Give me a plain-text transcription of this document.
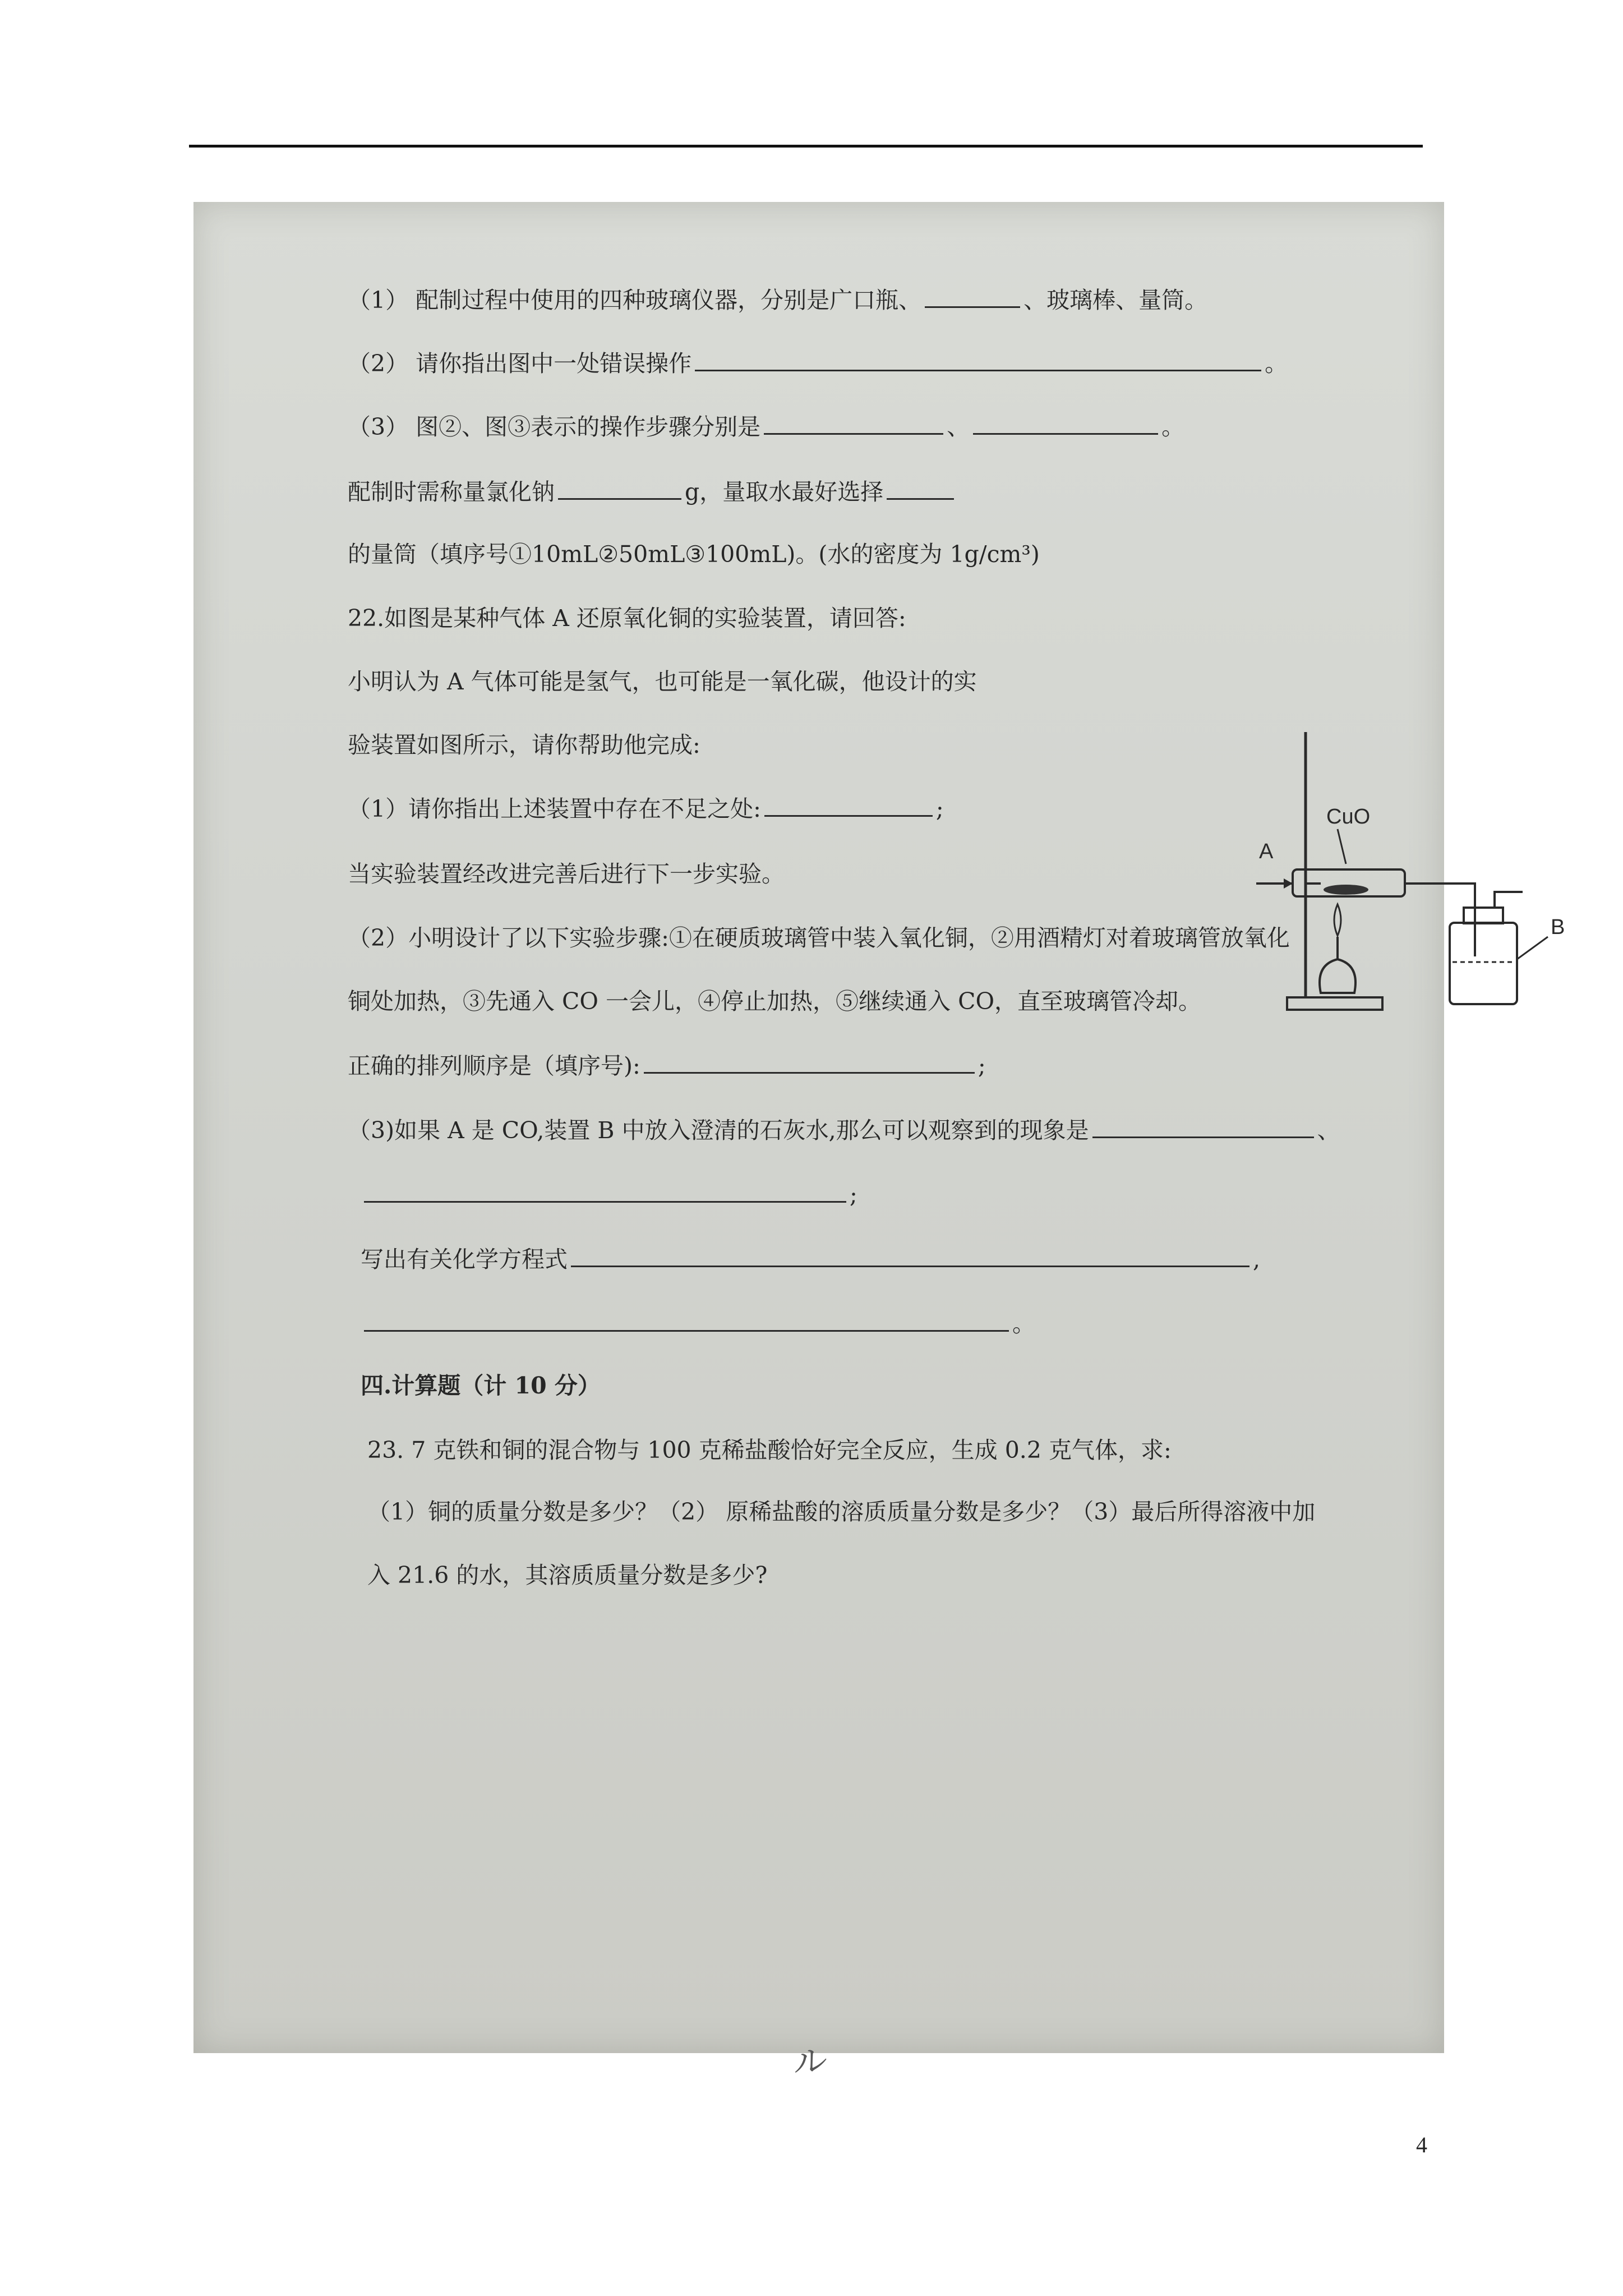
（1） 配制过程中使用的四种玻璃仪器，分别是广口瓶、	、玻璃棒、量筒。
（2） 请你指出图中一处错误操作	。
（3） 图②、图③表示的操作步骤分别是	、	。
配制时需称量氯化钠	g，量取水最好选择
的量筒（填序号①10mL②50mL③100mL)。(水的密度为 1g/cm³)
22.如图是某种气体 A 还原氧化铜的实验装置，请回答:
小明认为 A 气体可能是氢气，也可能是一氧化碳，他设计的实
验装置如图所示，请你帮助他完成:
（1）请你指出上述装置中存在不足之处:	;
当实验装置经改进完善后进行下一步实验。
（2）小明设计了以下实验步骤:①在硬质玻璃管中装入氧化铜，②用酒精灯对着玻璃管放氧化
铜处加热，③先通入 CO 一会儿，④停止加热，⑤继续通入 CO，直至玻璃管冷却。
正确的排列顺序是（填序号):	;
（3)如果 A 是 CO,装置 B 中放入澄清的石灰水,那么可以观察到的现象是	、
;
写出有关化学方程式	,
。
四.计算题（计 10 分）
23. 7 克铁和铜的混合物与 100 克稀盐酸恰好完全反应，生成 0.2 克气体，求:
（1）铜的质量分数是多少？（2） 原稀盐酸的溶质质量分数是多少？（3）最后所得溶液中加
入 21.6 的水，其溶质质量分数是多少?
ル
CuO
A
B
4
